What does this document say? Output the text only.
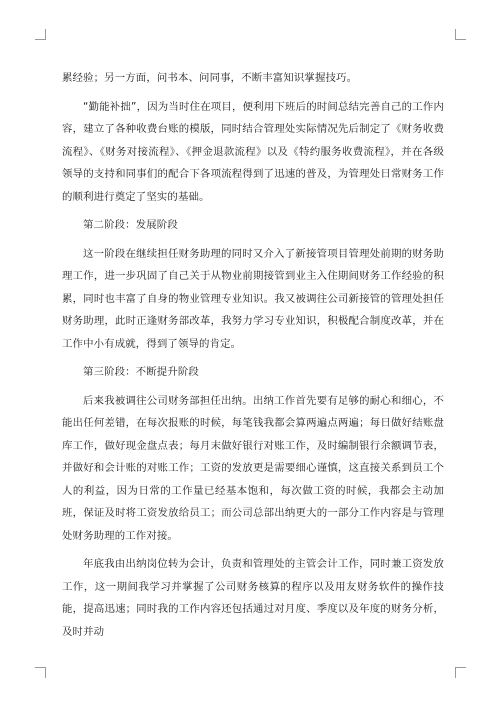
累经验；另一方面，问书本、问同事，不断丰富知识掌握技巧。

“勤能补拙”，因为当时住在项目，便利用下班后的时间总结完善自己的工作内容，建立了各种收费台账的模版，同时结合管理处实际情况先后制定了《财务收费流程》、《财务对接流程》、《押金退款流程》以及《特约服务收费流程》，并在各级领导的支持和同事们的配合下各项流程得到了迅速的普及，为管理处日常财务工作的顺利进行奠定了坚实的基础。

第二阶段：发展阶段

这一阶段在继续担任财务助理的同时又介入了新接管项目管理处前期的财务助理工作，进一步巩固了自己关于从物业前期接管到业主入住期间财务工作经验的积累，同时也丰富了自身的物业管理专业知识。我又被调往公司新接管的管理处担任财务助理，此时正逢财务部改革，我努力学习专业知识，积极配合制度改革，并在工作中小有成就，得到了领导的肯定。

第三阶段：不断提升阶段

后来我被调往公司财务部担任出纳。出纳工作首先要有足够的耐心和细心，不能出任何差错，在每次报账的时候，每笔钱我都会算两遍点两遍；每日做好结账盘库工作，做好现金盘点表；每月末做好银行对账工作，及时编制银行余额调节表，并做好和会计账的对账工作；工资的发放更是需要细心谨慎，这直接关系到员工个人的利益，因为日常的工作量已经基本饱和，每次做工资的时候，我都会主动加班，保证及时将工资发放给员工；而公司总部出纳更大的一部分工作内容是与管理处财务助理的工作对接。

年底我由出纳岗位转为会计，负责和管理处的主管会计工作，同时兼工资发放工作，这一期间我学习并掌握了公司财务核算的程序以及用友财务软件的操作技能，提高迅速；同时我的工作内容还包括通过对月度、季度以及年度的财务分析，及时并动
